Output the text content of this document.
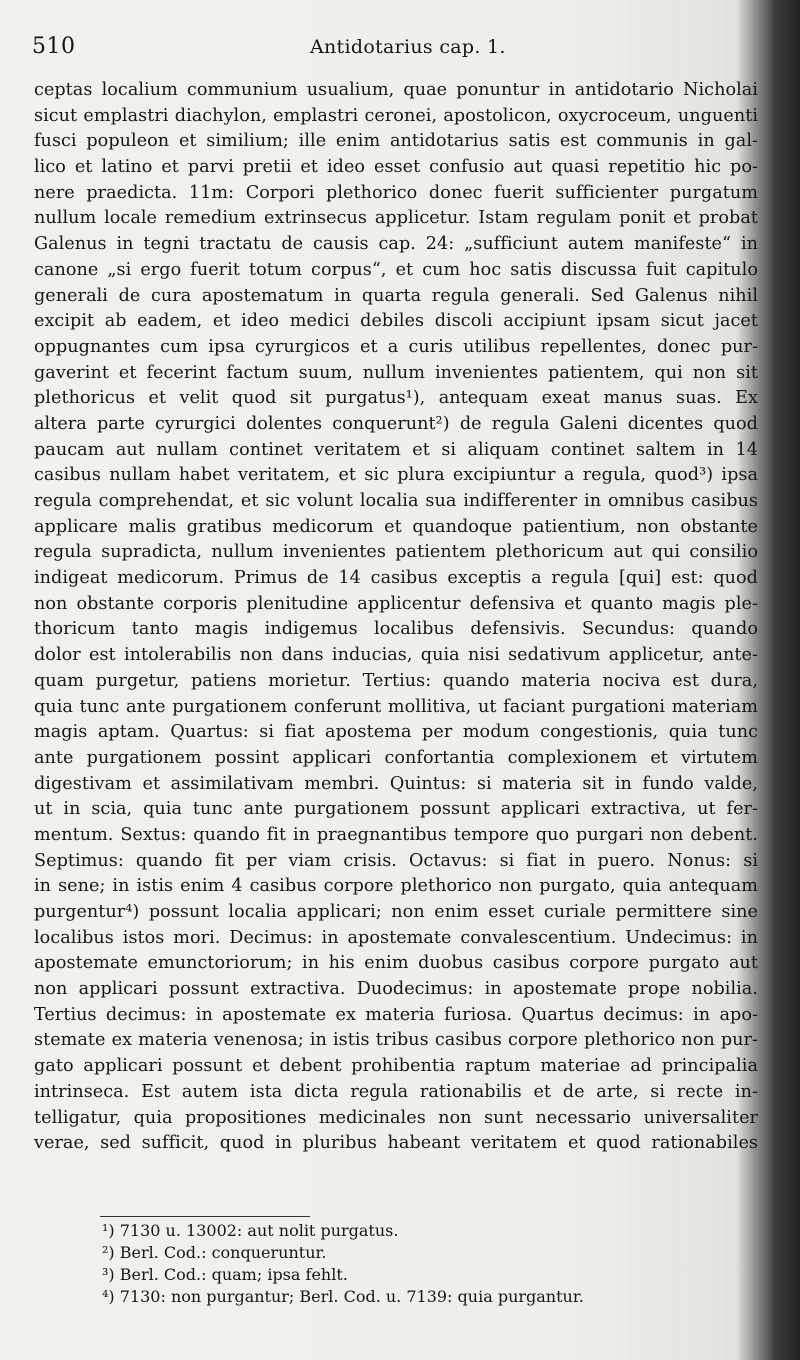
510	Antidotarius cap. 1.
ceptas localium communium usualium, quae ponuntur in antidotario Nicholai
sicut emplastri diachylon, emplastri ceronei, apostolicon, oxycroceum, unguenti
fusci populeon et similium; ille enim antidotarius satis est communis in gal-
lico et latino et parvi pretii et ideo esset confusio aut quasi repetitio hic po-
nere praedicta. 11m: Corpori plethorico donec fuerit sufficienter purgatum
nullum locale remedium extrinsecus applicetur. Istam regulam ponit et probat
Galenus in tegni tractatu de causis cap. 24: „sufficiunt autem manifeste“ in
canone „si ergo fuerit totum corpus“, et cum hoc satis discussa fuit capitulo
generali de cura apostematum in quarta regula generali. Sed Galenus nihil
excipit ab eadem, et ideo medici debiles discoli accipiunt ipsam sicut jacet
oppugnantes cum ipsa cyrurgicos et a curis utilibus repellentes, donec pur-
gaverint et fecerint factum suum, nullum invenientes patientem, qui non sit
plethoricus et velit quod sit purgatus¹), antequam exeat manus suas. Ex
altera parte cyrurgici dolentes conquerunt²) de regula Galeni dicentes quod
paucam aut nullam continet veritatem et si aliquam continet saltem in 14
casibus nullam habet veritatem, et sic plura excipiuntur a regula, quod³) ipsa
regula comprehendat, et sic volunt localia sua indifferenter in omnibus casibus
applicare malis gratibus medicorum et quandoque patientium, non obstante
regula supradicta, nullum invenientes patientem plethoricum aut qui consilio
indigeat medicorum. Primus de 14 casibus exceptis a regula [qui] est: quod
non obstante corporis plenitudine applicentur defensiva et quanto magis ple-
thoricum tanto magis indigemus localibus defensivis. Secundus: quando
dolor est intolerabilis non dans inducias, quia nisi sedativum applicetur, ante-
quam purgetur, patiens morietur. Tertius: quando materia nociva est dura,
quia tunc ante purgationem conferunt mollitiva, ut faciant purgationi materiam
magis aptam. Quartus: si fiat apostema per modum congestionis, quia tunc
ante purgationem possint applicari confortantia complexionem et virtutem
digestivam et assimilativam membri. Quintus: si materia sit in fundo valde,
ut in scia, quia tunc ante purgationem possunt applicari extractiva, ut fer-
mentum. Sextus: quando fit in praegnantibus tempore quo purgari non debent.
Septimus: quando fit per viam crisis. Octavus: si fiat in puero. Nonus: si
in sene; in istis enim 4 casibus corpore plethorico non purgato, quia antequam
purgentur⁴) possunt localia applicari; non enim esset curiale permittere sine
localibus istos mori. Decimus: in apostemate convalescentium. Undecimus: in
apostemate emunctoriorum; in his enim duobus casibus corpore purgato aut
non applicari possunt extractiva. Duodecimus: in apostemate prope nobilia.
Tertius decimus: in apostemate ex materia furiosa. Quartus decimus: in apo-
stemate ex materia venenosa; in istis tribus casibus corpore plethorico non pur-
gato applicari possunt et debent prohibentia raptum materiae ad principalia
intrinseca. Est autem ista dicta regula rationabilis et de arte, si recte in-
telligatur, quia propositiones medicinales non sunt necessario universaliter
verae, sed sufficit, quod in pluribus habeant veritatem et quod rationabiles
¹) 7130 u. 13002: aut nolit purgatus.
²) Berl. Cod.: conqueruntur.
³) Berl. Cod.: quam; ipsa fehlt.
⁴) 7130: non purgantur; Berl. Cod. u. 7139: quia purgantur.
